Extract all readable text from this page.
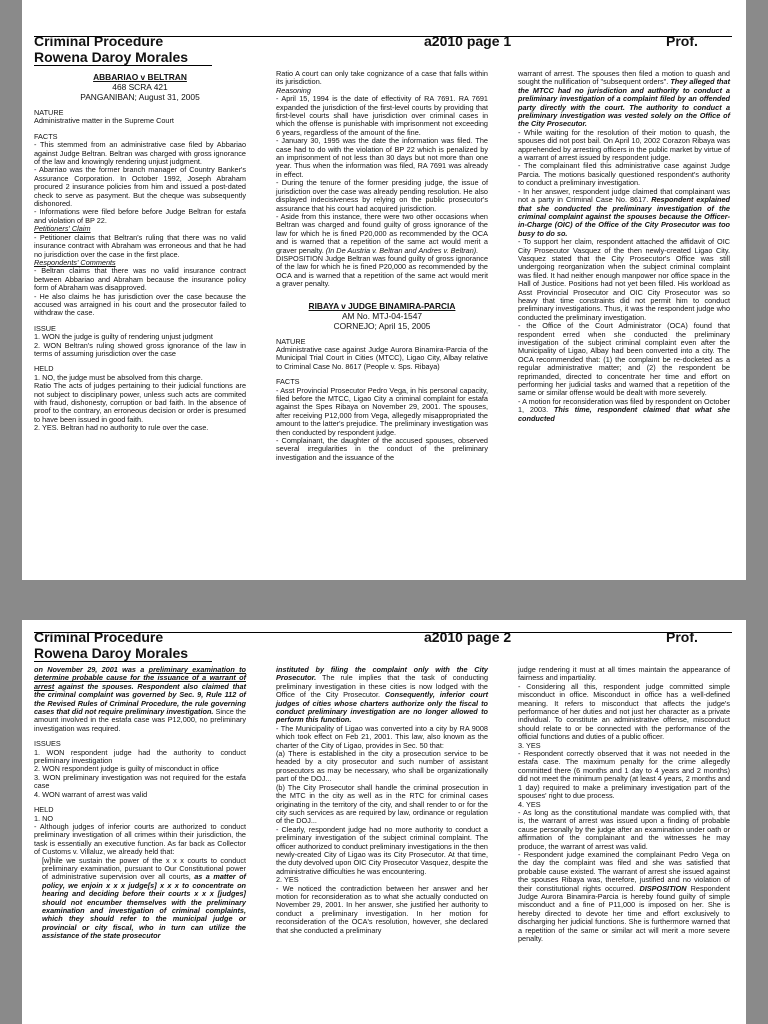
Criminal Procedure	a2010 page 1	Prof.
Rowena Daroy Morales
ABBARIAO v BELTRAN
468 SCRA 421
PANGANIBAN; August 31, 2005

NATURE

Administrative matter in the Supreme Court

FACTS

- This stemmed from an administrative case filed by Abbariao against Judge Beltran. Beltran was charged with gross ignorance of the law and knowingly rendering unjust judgment.

- Abarriao was the former branch manager of Country Banker's Assurance Corporation. In October 1992, Joseph Abraham procured 2 insurance policies from him and issued a post-dated check to serve as pasyment. But the cheque was subsequently dishonored.

- Informations were filed before before Judge Beltran for estafa and violation of BP 22.

Petitioners' Claim

- Petitioner claims that Beltran's ruling that there was no valid insurance contract with Abraham was erroneous and that he had no jurisdiction over the case in the first place.

Respondents' Comments

- Beltran claims that there was no valid insurance contract between Abbariao and Abraham because the insurance policy form of Abraham was disapproved.

- He also claims he has jurisdiction over the case because the accused was arraigned in his court and the prosecutor failed to withdraw the case.

ISSUE

1. WON the judge is guilty of rendering unjust judgment

2. WON Beltran's ruling showed gross ignorance of the law in terms of assuming jurisdiction over the case

HELD

1. NO, the judge must be absolved from this charge.

Ratio The acts of judges pertaining to their judicial functions are not subject to disciplinary power, unless such acts are commited with fraud, dishonesty, corruption or bad faith. In the absence of proof to the contrary, an erroneous decision or order is presumed to have been issued in good faith.

2. YES. Beltran had no authority to rule over the case.

Ratio A court can only take cognizance of a case that falls within its jurisdiction.

Reasoning

- April 15, 1994 is the date of effectivity of RA 7691. RA 7691 expanded the jurisdiction of the first-level courts by providing that first-level courts shall have jurisdiction over criminal cases in which the offense is punishable with imprisonment not exceeding 6 years, regardless of the amount of the fine.

- January 30, 1995 was the date the information was filed. The case had to do with the violation of BP 22 which is penalized by an imprisonment of not less than 30 days but not more than one year. Thus when the information was filed, RA 7691 was already in effect.

- During the tenure of the former presiding judge, the issue of jurisdiction over the case was already pending resolution. He also displayed indecisiveness by relying on the public prosecutor's assurance that his court had acquired jurisdiction.

- Aside from this instance, there were two other occasions when Beltran was charged and found guilty of gross ignorance of the law for which he is fined P20,000 as recommended by the OCA and is warned that a repetition of the same act would merit a graver penalty. (In De Austria v. Beltran and Andres v. Beltran).

DISPOSITION Judge Beltran was found guilty of gross ignorance of the law for which he is fined P20,000 as recommended by the OCA and is warned that a repetition of the same act would merit a graver penalty.

RIBAYA v JUDGE BINAMIRA-PARCIA
AM No. MTJ-04-1547
CORNEJO; April 15, 2005

NATURE

Administrative case against Judge Aurora Binamira-Parcia of the Municipal Trial Court in Cities (MTCC), Ligao City, Albay relative to Criminal Case No. 8617 (People v. Sps. Ribaya)

FACTS

- Asst Provincial Prosecutor Pedro Vega, in his personal capacity, filed before the MTCC, Ligao City a criminal complaint for estafa against the Spes Ribaya on November 29, 2001. The spouses, after receiving P12,000 from Vega, allegedly misappropriated the amount to the latter's prejudice. The preliminary investigation was then conducted by respondent judge.

- Complainant, the daughter of the accused spouses, observed several irregularities in the conduct of the preliminary investigation and the issuance of the

warrant of arrest. The spouses then filed a motion to quash and sought the nullification of "subsequent orders". They alleged that the MTCC had no jurisdiction and authority to conduct a preliminary investigation of a complaint filed by an offended party directly with the court. The authority to conduct a preliminary investigation was vested solely on the Office of the City Prosecutor.

- While waiting for the resolution of their motion to quash, the spouses did not post bail. On April 10, 2002 Corazon Ribaya was apprehended by arresting officers in the public market by virtue of a warrant of arrest issued by respondent judge.

- The complainant filed this administrative case against Judge Parcia. The motions basically questioned respondent's authority to conduct a preliminary investigation.

- In her answer, respondent judge claimed that complainant was not a party in Criminal Case No. 8617. Respondent explained that she conducted the preliminary investigation of the criminal complaint against the spouses because the Officer-in-Charge (OIC) of the Office of the City Prosecutor was too busy to do so.

- To support her claim, respondent attached the affidavit of OIC City Prosecutor Vasquez of the then newly-created Ligao City. Vasquez stated that the City Prosecutor's Office was still undergoing reorganization when the subject criminal complaint was filed. It had neither enough manpower nor office space in the Hall of Justice. Positions had not yet been filled. His workload as Asst Provincial Prosecutor and OIC City Prosecutor was so heavy that time constraints did not permit him to conduct preliminary investigations. Thus, it was the respondent judge who conducted the preliminary investigation.

- the Office of the Court Administrator (OCA) found that respondent erred when she conducted the preliminary investigation of the subject criminal complaint even after the Municipality of Ligao, Albay had been converted into a city. The OCA recommended that: (1) the complaint be re-docketed as a regular administrative matter; and (2) the respondent be reprimanded, directed to concentrate her time and effort on performing her judicial tasks and warned that a repetition of the same or similar offense would be dealt with more severely.

- A motion for reconsideration was filed by respondent on October 1, 2003. This time, respondent claimed that what she conducted

Criminal Procedure	a2010 page 2	Prof.
Rowena Daroy Morales

on November 29, 2001 was a preliminary examination to determine probable cause for the issuance of a warrant of arrest against the spouses. Respondent also claimed that the criminal complaint was governed by Sec. 9, Rule 112 of the Revised Rules of Criminal Procedure, the rule governing cases that did not require preliminary investigation. Since the amount involved in the estafa case was P12,000, no preliminary investigation was required.

ISSUES

1. WON respondent judge had the authority to conduct preliminary investigation

2. WON respondent judge is guilty of misconduct in office

3. WON preliminary investigation was not required for the estafa case

4. WON warrant of arrest was valid

HELD

1. NO

- Although judges of inferior courts are authorized to conduct preliminary investigation of all crimes within their jurisdiction, the task is essentially an executive function. As far back as Collector of Customs v. Villaluz, we already held that:

[w]hile we sustain the power of the x x x courts to conduct preliminary examination, pursuant to Our Constitutional power of administrative supervision over all courts, as a matter of policy, we enjoin x x x judge[s] x x x to concentrate on hearing and deciding before their courts x x x [judges] should not encumber themselves with the preliminary examination and investigation of criminal complaints, which they should refer to the municipal judge or provincial or city fiscal, who in turn can utilize the assistance of the state prosecutor

instituted by filing the complaint only with the City Prosecutor. The rule implies that the task of conducting preliminary investigation in these cities is now lodged with the Office of the City Prosecutor. Consequently, inferior court judges of cities whose charters authorize only the fiscal to conduct preliminary investigation are no longer allowed to perform this function.

- The Municipality of Ligao was converted into a city by RA 9008 which took effect on Feb 21, 2001. This law, also known as the charter of the City of Ligao, provides in Sec. 50 that:

(a) There is established in the city a prosecution service to be headed by a city prosecutor and such number of assistant prosecutors as may be necessary, who shall be organizationally part of the DOJ...

(b) The City Prosecutor shall handle the criminal prosecution in the MTC in the city as well as in the RTC for criminal cases originating in the territory of the city, and shall render to or for the city such services as are required by law, ordinance or regulation of the DOJ...

- Clearly, respondent judge had no more authority to conduct a preliminary investigation of the subject criminal complaint. The officer authorized to conduct preliminary investigations in the then newly-created City of Ligao was its City Prosecutor. At that time, the duty devolved upon OIC City Prosecutor Vasquez, despite the administrative difficulties he was encountering.

2. YES

- We noticed the contradiction between her answer and her motion for reconsideration as to what she actually conducted on November 29, 2001. In her answer, she justified her authority to conduct a preliminary investigation. In her motion for reconsideration of the OCA's resolution, however, she declared that she conducted a preliminary

judge rendering it must at all times maintain the appearance of fairness and impartiality.

- Considering all this, respondent judge committed simple misconduct in office. Misconduct in office has a well-defined meaning. It refers to misconduct that affects the judge's performance of her duties and not just her character as a private individual. To constitute an administrative offense, misconduct should relate to or be connected with the performance of the official functions and duties of a public officer.

3. YES

- Respondent correctly observed that it was not needed in the estafa case. The maximum penalty for the crime allegedly committed there (6 months and 1 day to 4 years and 2 months) did not meet the minimum penalty (at least 4 years, 2 months and 1 day) required to make a preliminary investigation part of the spouses' right to due process.

4. YES

- As long as the constitutional mandate was complied with, that is, the warrant of arrest was issued upon a finding of probable cause personally by the judge after an examination under oath or affirmation of the complainant and the witnesses he may produce, the warrant of arrest was valid.

- Respondent judge examined the complainant Pedro Vega on the day the complaint was filed and she was satisfied that probable cause existed. The warrant of arrest she issued against the spouses Ribaya was, therefore, justified and no violation of their constitutional rights occurred. DISPOSITION Respondent Judge Aurora Binamira-Parcia is hereby found guilty of simple misconduct and a fine of P11,000 is imposed on her. She is hereby directed to devote her time and effort exclusively to discharging her judicial functions. She is furthermore warned that a repetition of the same or similar act will merit a more severe penalty.
